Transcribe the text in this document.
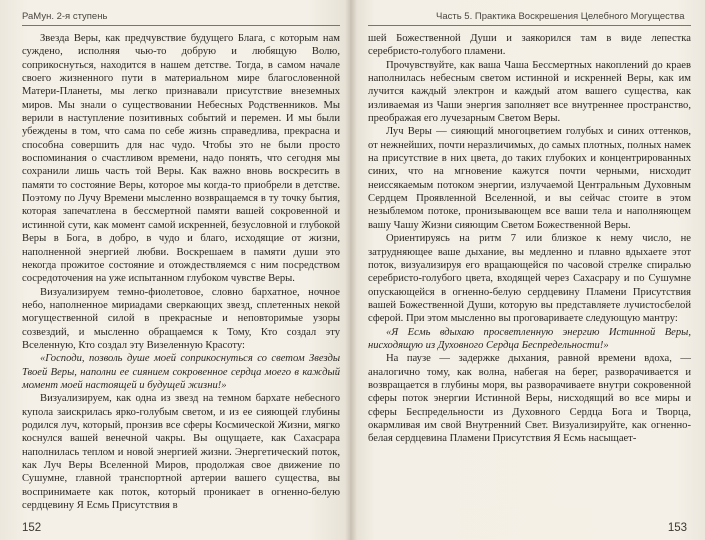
РаМун. 2-я ступень

Звезда Веры, как предчувствие будущего Блага, с которым нам суждено, исполняя чью-то добрую и любящую Волю, соприкоснуться, находится в нашем детстве. Тогда, в самом начале своего жизненного пути в материальном мире благословенной Матери-Планеты, мы легко признавали присутствие внеземных миров. Мы знали о существовании Небесных Родственников. Мы верили в наступление позитивных событий и перемен. И мы были убеждены в том, что сама по себе жизнь справедлива, прекрасна и способна совершить для нас чудо. Чтобы это не были просто воспоминания о счастливом времени, надо понять, что сегодня мы сохранили лишь часть той Веры. Как важно вновь воскресить в памяти то состояние Веры, которое мы когда-то приобрели в детстве. Поэтому по Лучу Времени мысленно возвращаемся в ту точку бытия, которая запечатлена в бессмертной памяти вашей сокровенной и истинной сути, как момент самой искренней, безусловной и глубокой Веры в Бога, в добро, в чудо и благо, исходящие от жизни, наполненной энергией любви. Воскрешаем в памяти души это некогда прожитое состояние и отождествляемся с ним посредством сосредоточения на уже испытанном глубоком чувстве Веры.

Визуализируем темно-фиолетовое, словно бархатное, ночное небо, наполненное мириадами сверкающих звезд, сплетенных некой могущественной силой в прекрасные и неповторимые узоры созвездий, и мысленно обращаемся к Тому, Кто создал эту Вселенную, Кто создал эту Визеленную Красоту:

«Господи, позволь душе моей соприкоснуться со светом Звезды Твоей Веры, наполни ее сиянием сокровенное сердца моего в каждый момент моей настоящей и будущей жизни!»

Визуализируем, как одна из звезд на темном бархате небесного купола заискрилась ярко-голубым светом, и из ее сияющей глубины родился луч, который, пронзив все сферы Космической Жизни, мягко коснулся вашей венечной чакры. Вы ощущаете, как Сахасрара наполнилась теплом и новой энергией жизни. Энергетический поток, как Луч Веры Вселенной Миров, продолжая свое движение по Сушумне, главной транспортной артерии вашего существа, вы воспринимаете как поток, который проникает в огненно-белую сердцевину Я Есмь Присутствия в

152
Часть 5. Практика Воскрешения Целебного Могущества

шей Божественной Души и заякорился там в виде лепестка серебристо-голубого пламени.

Прочувствуйте, как ваша Чаша Бессмертных накоплений до краев наполнилась небесным светом истинной и искренней Веры, как им лучится каждый электрон и каждый атом вашего существа, как изливаемая из Чаши энергия заполняет все внутреннее пространство, преображая его лучезарным Светом Веры.

Луч Веры — сияющий многоцветием голубых и синих оттенков, от нежнейших, почти неразличимых, до самых плотных, полных намек на присутствие в них цвета, до таких глубоких и концентрированных синих, что на мгновение кажутся почти черными, нисходит неиссякаемым потоком энергии, излучаемой Центральным Духовным Сердцем Проявленной Вселенной, и вы сейчас стоите в этом незыблемом потоке, пронизывающем все ваши тела и наполняющем вашу Чашу Жизни сияющим Светом Божественной Веры.

Ориентируясь на ритм 7 или близкое к нему число, не затрудняющее ваше дыхание, вы медленно и плавно вдыхаете этот поток, визуализируя его вращающейся по часовой стрелке спиралью серебристо-голубого цвета, входящей через Сахасрару и по Сушумне опускающейся в огненно-белую сердцевину Пламени Присутствия вашей Божественной Души, которую вы представляете лучистосбелой сферой. При этом мысленно вы проговариваете следующую мантру:

«Я Есмь вдыхаю просветленную энергию Истинной Веры, нисходящую из Духовного Сердца Беспредельности!»

На паузе — задержке дыхания, равной времени вдоха, — аналогично тому, как волна, набегая на берег, разворачивается и возвращается в глубины моря, вы разворачиваете внутри сокровенной сферы поток энергии Истинной Веры, нисходящий во все миры и сферы Беспредельности из Духовного Сердца Бога и Творца, окармливая им свой Внутренний Свет. Визуализируйте, как огненно-белая сердцевина Пламени Присутствия Я Есмь насыщает-

153
